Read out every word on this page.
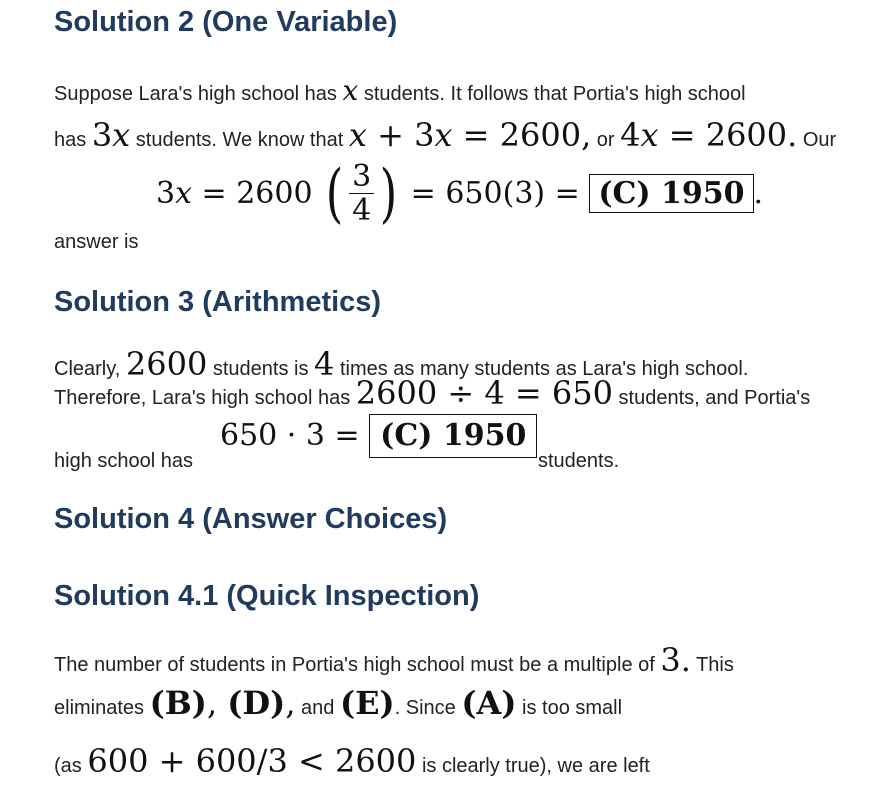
Solution 2 (One Variable)
Suppose Lara's high school has x students. It follows that Portia's high school
has 3x students. We know that x + 3x = 2600, or 4x = 2600. Our
answer is
3 x = 2600 ( $\frac{3}{4}$ ) = 650(3) = (C) 1950 .
Solution 3 (Arithmetics)
Clearly, 2600 students is 4 times as many students as Lara's high school.
Therefore, Lara's high school has 2600 ÷ 4 = 650 students, and Portia's
high school has
650 · 3 = (C) 1950
students.
Solution 4 (Answer Choices)
Solution 4.1 (Quick Inspection)
The number of students in Portia's high school must be a multiple of 3. This
eliminates (B), (D), and (E). Since (A) is too small
(as 600 + 600/3 < 2600 is clearly true), we are left
